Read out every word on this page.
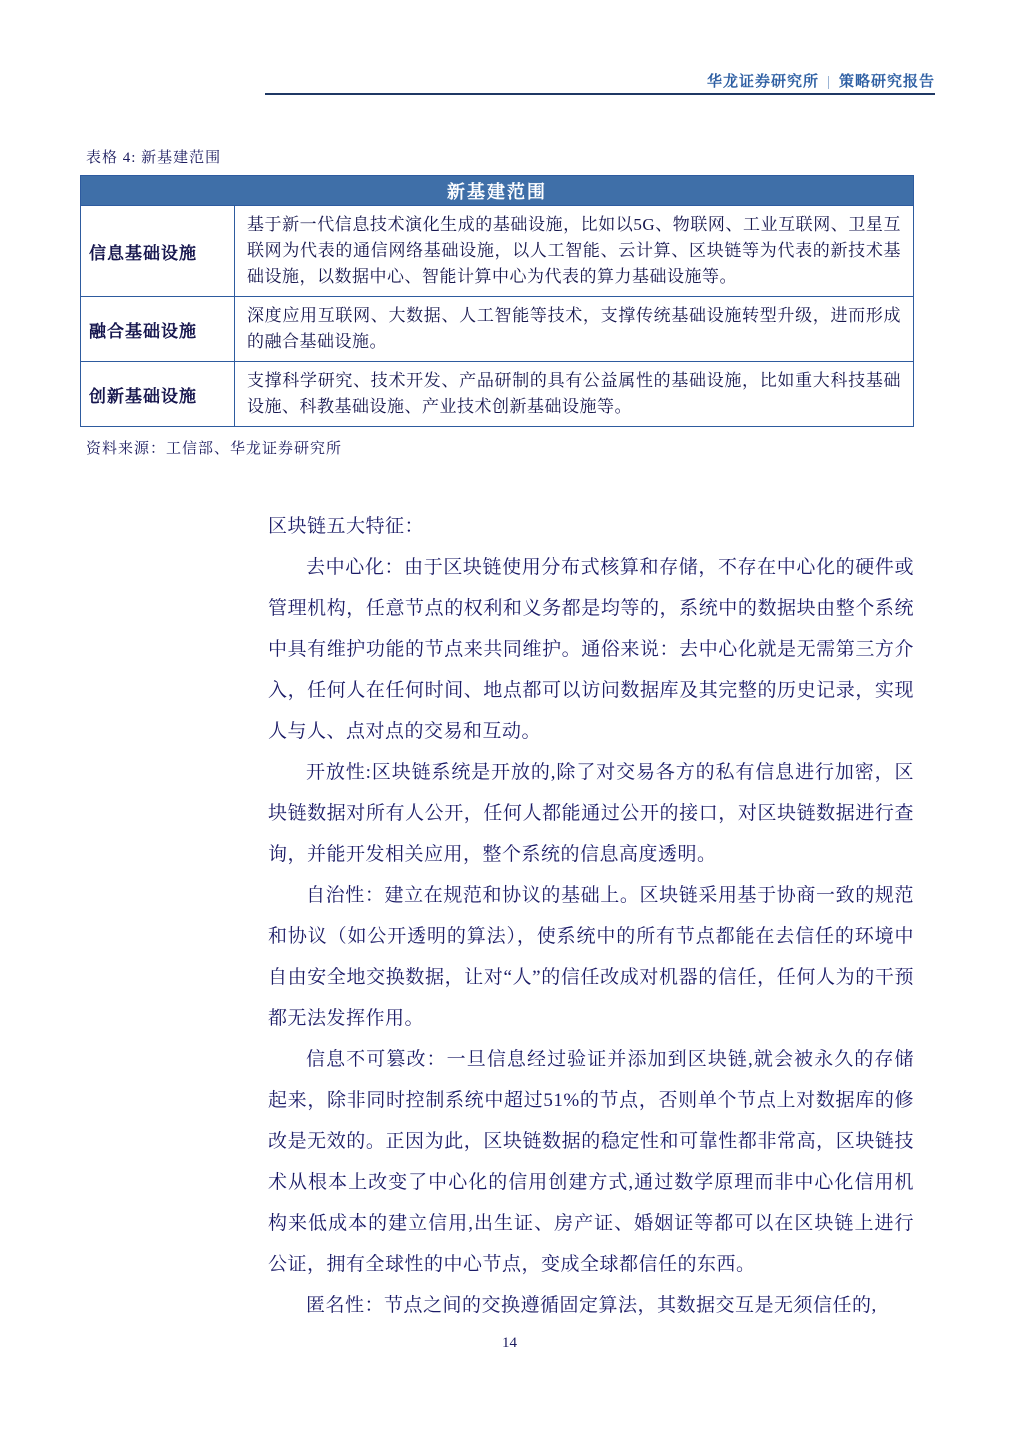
华龙证券研究所 | 策略研究报告
表格 4: 新基建范围
新基建范围	
信息基础设施	基于新一代信息技术演化生成的基础设施，比如以5G、物联网、工业互联网、卫星互联网为代表的通信网络基础设施，以人工智能、云计算、区块链等为代表的新技术基础设施，以数据中心、智能计算中心为代表的算力基础设施等。
融合基础设施	深度应用互联网、大数据、人工智能等技术，支撑传统基础设施转型升级，进而形成的融合基础设施。
创新基础设施	支撑科学研究、技术开发、产品研制的具有公益属性的基础设施，比如重大科技基础设施、科教基础设施、产业技术创新基础设施等。
资料来源：工信部、华龙证券研究所

区块链五大特征：

去中心化：由于区块链使用分布式核算和存储，不存在中心化的硬件或管理机构，任意节点的权利和义务都是均等的，系统中的数据块由整个系统中具有维护功能的节点来共同维护。通俗来说：去中心化就是无需第三方介入，任何人在任何时间、地点都可以访问数据库及其完整的历史记录，实现人与人、点对点的交易和互动。

开放性:区块链系统是开放的,除了对交易各方的私有信息进行加密，区块链数据对所有人公开，任何人都能通过公开的接口，对区块链数据进行查询，并能开发相关应用，整个系统的信息高度透明。

自治性：建立在规范和协议的基础上。区块链采用基于协商一致的规范和协议（如公开透明的算法），使系统中的所有节点都能在去信任的环境中自由安全地交换数据，让对“人”的信任改成对机器的信任，任何人为的干预都无法发挥作用。

信息不可篡改：一旦信息经过验证并添加到区块链,就会被永久的存储起来，除非同时控制系统中超过51%的节点，否则单个节点上对数据库的修改是无效的。正因为此，区块链数据的稳定性和可靠性都非常高，区块链技术从根本上改变了中心化的信用创建方式,通过数学原理而非中心化信用机构来低成本的建立信用,出生证、房产证、婚姻证等都可以在区块链上进行公证，拥有全球性的中心节点，变成全球都信任的东西。

匿名性：节点之间的交换遵循固定算法，其数据交互是无须信任的,

14
